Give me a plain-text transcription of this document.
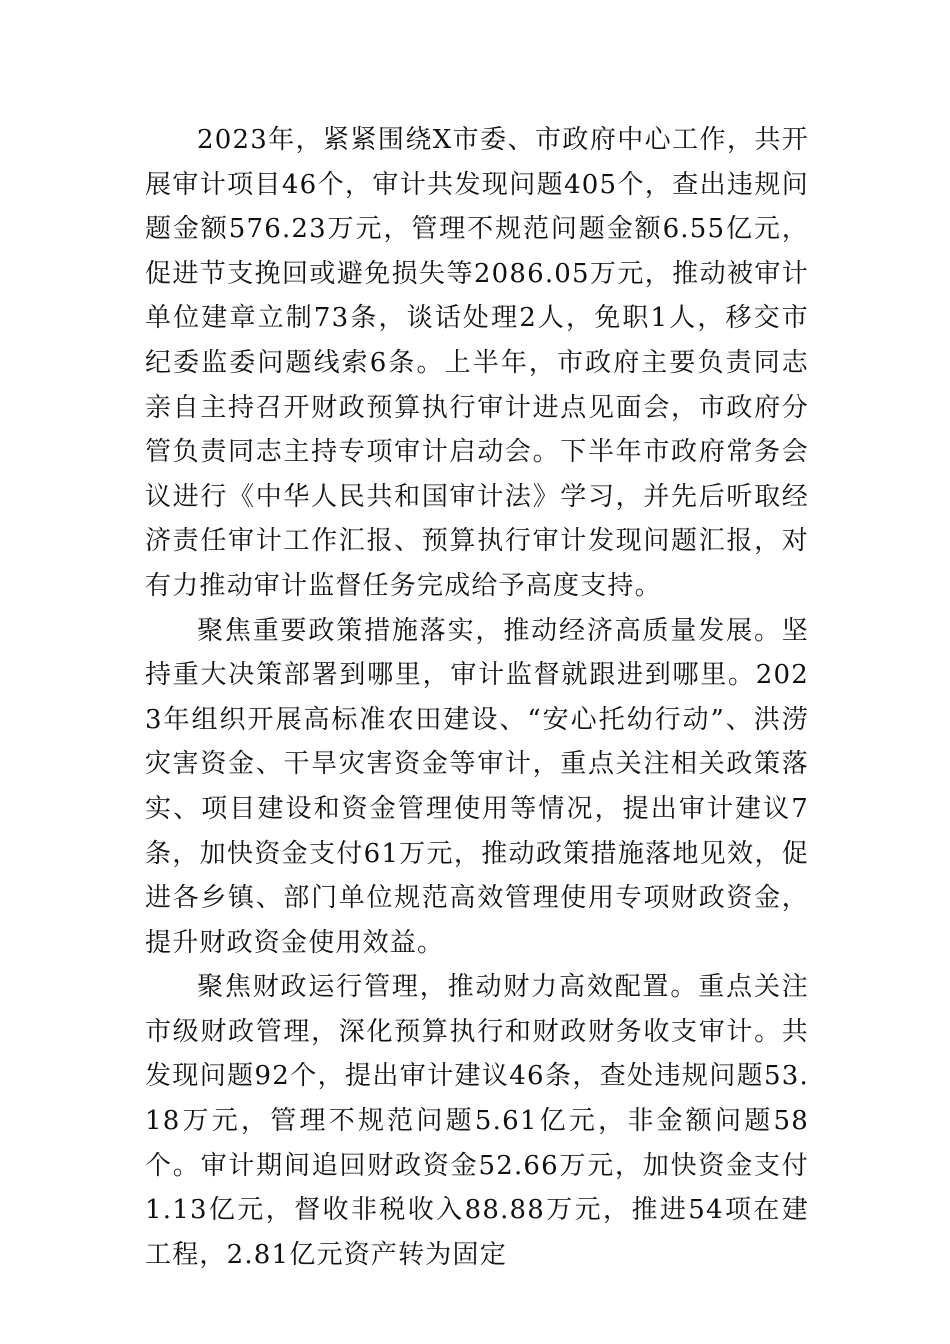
2023年，紧紧围绕X市委、市政府中心工作，共开展审计项目46个，审计共发现问题405个，查出违规问题金额576.23万元，管理不规范问题金额6.55亿元，促进节支挽回或避免损失等2086.05万元，推动被审计单位建章立制73条，谈话处理2人，免职1人，移交市纪委监委问题线索6条。上半年，市政府主要负责同志亲自主持召开财政预算执行审计进点见面会，市政府分管负责同志主持专项审计启动会。下半年市政府常务会议进行《中华人民共和国审计法》学习，并先后听取经济责任审计工作汇报、预算执行审计发现问题汇报，对有力推动审计监督任务完成给予高度支持。

聚焦重要政策措施落实，推动经济高质量发展。坚持重大决策部署到哪里，审计监督就跟进到哪里。2023年组织开展高标准农田建设、“安心托幼行动”、洪涝灾害资金、干旱灾害资金等审计，重点关注相关政策落实、项目建设和资金管理使用等情况，提出审计建议7条，加快资金支付61万元，推动政策措施落地见效，促进各乡镇、部门单位规范高效管理使用专项财政资金，提升财政资金使用效益。

聚焦财政运行管理，推动财力高效配置。重点关注市级财政管理，深化预算执行和财政财务收支审计。共发现问题92个，提出审计建议46条，查处违规问题53.18万元，管理不规范问题5.61亿元，非金额问题58个。审计期间追回财政资金52.66万元，加快资金支付1.13亿元，督收非税收入88.88万元，推进54项在建工程，2.81亿元资产转为固定
